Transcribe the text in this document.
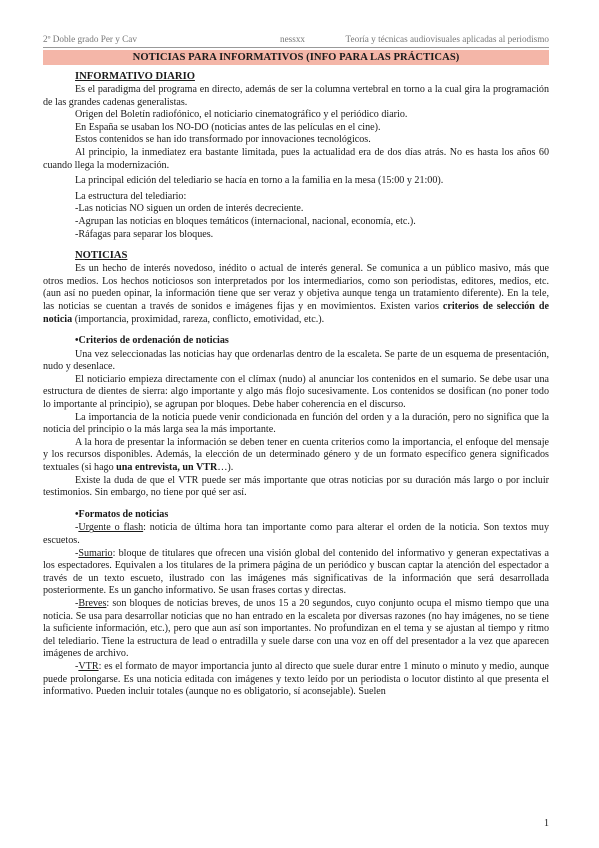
2º Doble grado Per y Cav	nessxx	Teoría y técnicas audiovisuales aplicadas al periodismo
NOTICIAS PARA INFORMATIVOS (INFO PARA LAS PRÁCTICAS)
INFORMATIVO DIARIO

Es el paradigma del programa en directo, además de ser la columna vertebral en torno a la cual gira la programación de las grandes cadenas generalistas.

Origen del Boletín radiofónico, el noticiario cinematográfico y el periódico diario.

En España se usaban los NO-DO (noticias antes de las películas en el cine).

Estos contenidos se han ido transformado por innovaciones tecnológicos.

Al principio, la inmediatez era bastante limitada, pues la actualidad era de dos días atrás. No es hasta los años 60 cuando llega la modernización.

La principal edición del telediario se hacía en torno a la familia en la mesa (15:00 y 21:00).

La estructura del telediario:

-Las noticias NO siguen un orden de interés decreciente.

-Agrupan las noticias en bloques temáticos (internacional, nacional, economía, etc.).

-Ráfagas para separar los bloques.

NOTICIAS

Es un hecho de interés novedoso, inédito o actual de interés general. Se comunica a un público masivo, más que otros medios. Los hechos noticiosos son interpretados por los intermediarios, como son periodistas, editores, medios, etc. (aun así no pueden opinar, la información tiene que ser veraz y objetiva aunque tenga un tratamiento diferente). En la tele, las noticias se cuentan a través de sonidos e imágenes fijas y en movimientos. Existen varios criterios de selección de noticia (importancia, proximidad, rareza, conflicto, emotividad, etc.).

•Criterios de ordenación de noticias

Una vez seleccionadas las noticias hay que ordenarlas dentro de la escaleta. Se parte de un esquema de presentación, nudo y desenlace.

El noticiario empieza directamente con el clímax (nudo) al anunciar los contenidos en el sumario. Se debe usar una estructura de dientes de sierra: algo importante y algo más flojo sucesivamente. Los contenidos se dosifican (no poner todo lo importante al principio), se agrupan por bloques. Debe haber coherencia en el discurso.

La importancia de la noticia puede venir condicionada en función del orden y a la duración, pero no significa que la noticia del principio o la más larga sea la más importante.

A la hora de presentar la información se deben tener en cuenta criterios como la importancia, el enfoque del mensaje y los recursos disponibles. Además, la elección de un determinado género y de un formato específico genera significados textuales (si hago una entrevista, un VTR…).

Existe la duda de que el VTR puede ser más importante que otras noticias por su duración más largo o por incluir testimonios. Sin embargo, no tiene por qué ser así.

•Formatos de noticias

-Urgente o flash: noticia de última hora tan importante como para alterar el orden de la noticia. Son textos muy escuetos.

-Sumario: bloque de titulares que ofrecen una visión global del contenido del informativo y generan expectativas a los espectadores. Equivalen a los titulares de la primera página de un periódico y buscan captar la atención del espectador a través de un texto escueto, ilustrado con las imágenes más significativas de la información que será desarrollada posteriormente. Es un gancho informativo. Se usan frases cortas y directas.

-Breves: son bloques de noticias breves, de unos 15 a 20 segundos, cuyo conjunto ocupa el mismo tiempo que una noticia. Se usa para desarrollar noticias que no han entrado en la escaleta por diversas razones (no hay imágenes, no se tiene la suficiente información, etc.), pero que aun así son importantes. No profundizan en el tema y se ajustan al tiempo y ritmo del telediario. Tiene la estructura de lead o entradilla y suele darse con una voz en off del presentador a la vez que aparecen imágenes de archivo.

-VTR: es el formato de mayor importancia junto al directo que suele durar entre 1 minuto o minuto y medio, aunque puede prolongarse. Es una noticia editada con imágenes y texto leído por un periodista o locutor distinto al que presenta el informativo. Pueden incluir totales (aunque no es obligatorio, sí aconsejable). Suelen

1
